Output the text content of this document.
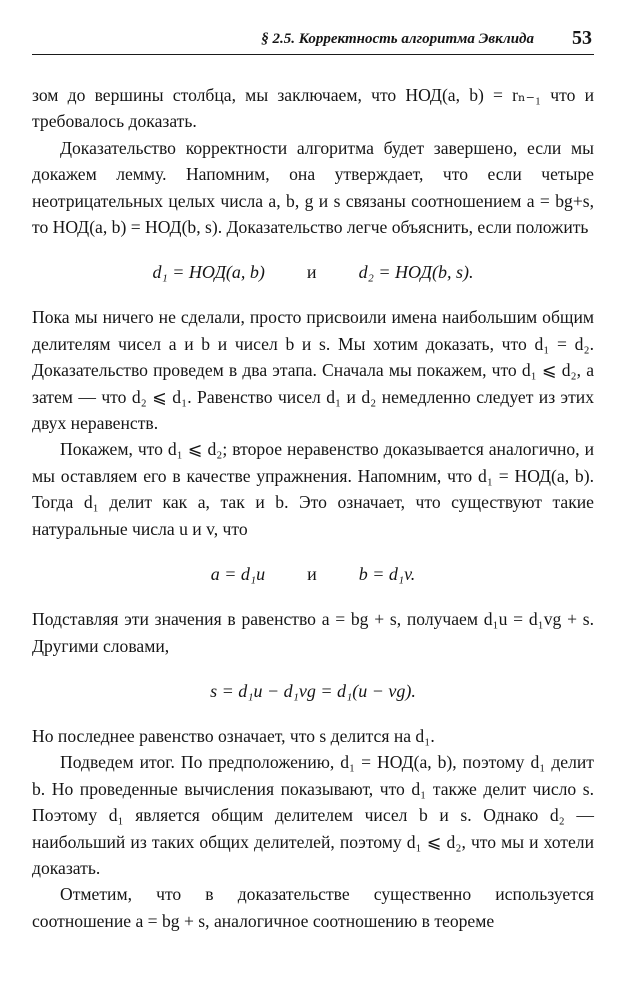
§ 2.5. Корректность алгоритма Эвклида 53

зом до вершины столбца, мы заключаем, что НОД(a, b) = rₙ₋₁ что и требовалось доказать.

Доказательство корректности алгоритма будет завершено, если мы докажем лемму. Напомним, она утверждает, что если четыре неотрицательных целых числа a, b, g и s связаны соотношением a = bg+s, то НОД(a, b) = НОД(b, s). Доказательство легче объяснить, если положить

d₁ = НОД(a, b) и d₂ = НОД(b, s).

Пока мы ничего не сделали, просто присвоили имена наибольшим общим делителям чисел a и b и чисел b и s. Мы хотим доказать, что d₁ = d₂. Доказательство проведем в два этапа. Сначала мы покажем, что d₁ ⩽ d₂, а затем — что d₂ ⩽ d₁. Равенство чисел d₁ и d₂ немедленно следует из этих двух неравенств.

Покажем, что d₁ ⩽ d₂; второе неравенство доказывается аналогично, и мы оставляем его в качестве упражнения. Напомним, что d₁ = НОД(a, b). Тогда d₁ делит как a, так и b. Это означает, что существуют такие натуральные числа u и v, что

a = d₁u и b = d₁v.

Подставляя эти значения в равенство a = bg + s, получаем d₁u = d₁vg + s. Другими словами,

s = d₁u − d₁vg = d₁(u − vg).

Но последнее равенство означает, что s делится на d₁.

Подведем итог. По предположению, d₁ = НОД(a, b), поэтому d₁ делит b. Но проведенные вычисления показывают, что d₁ также делит число s. Поэтому d₁ является общим делителем чисел b и s. Однако d₂ — наибольший из таких общих делителей, поэтому d₁ ⩽ d₂, что мы и хотели доказать.

Отметим, что в доказательстве существенно используется соотношение a = bg + s, аналогичное соотношению в теореме
